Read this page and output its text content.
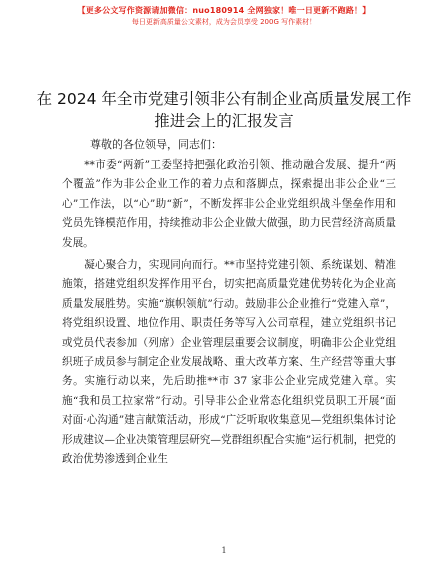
【更多公文写作资源请加微信：nuo180914 全网独家！唯一日更新不跑路！】
每日更新高质量公文素材，成为会员享受 200G 写作素材！
在 2024 年全市党建引领非公有制企业高质量发展工作推进会上的汇报发言
尊敬的各位领导，同志们：

**市委“两新”工委坚持把强化政治引领、推动融合发展、提升“两个覆盖”作为非公企业工作的着力点和落脚点，探索提出非公企业“三心”工作法，以“心”助“新”，不断发挥非公企业党组织战斗堡垒作用和党员先锋模范作用，持续推动非公企业做大做强，助力民营经济高质量发展。

凝心聚合力，实现同向而行。**市坚持党建引领、系统谋划、精准施策，搭建党组织发挥作用平台，切实把高质量党建优势转化为企业高质量发展胜势。实施“旗帜领航”行动。鼓励非公企业推行“党建入章”，将党组织设置、地位作用、职责任务等写入公司章程，建立党组织书记或党员代表参加（列席）企业管理层重要会议制度，明确非公企业党组织班子成员参与制定企业发展战略、重大改革方案、生产经营等重大事务。实施行动以来，先后助推**市 37 家非公企业完成党建入章。实施“我和员工拉家常”行动。引导非公企业常态化组织党员职工开展“面对面·心沟通”建言献策活动，形成“广泛听取收集意见—党组织集体讨论形成建议—企业决策管理层研究—党群组织配合实施”运行机制，把党的政治优势渗透到企业生

1
